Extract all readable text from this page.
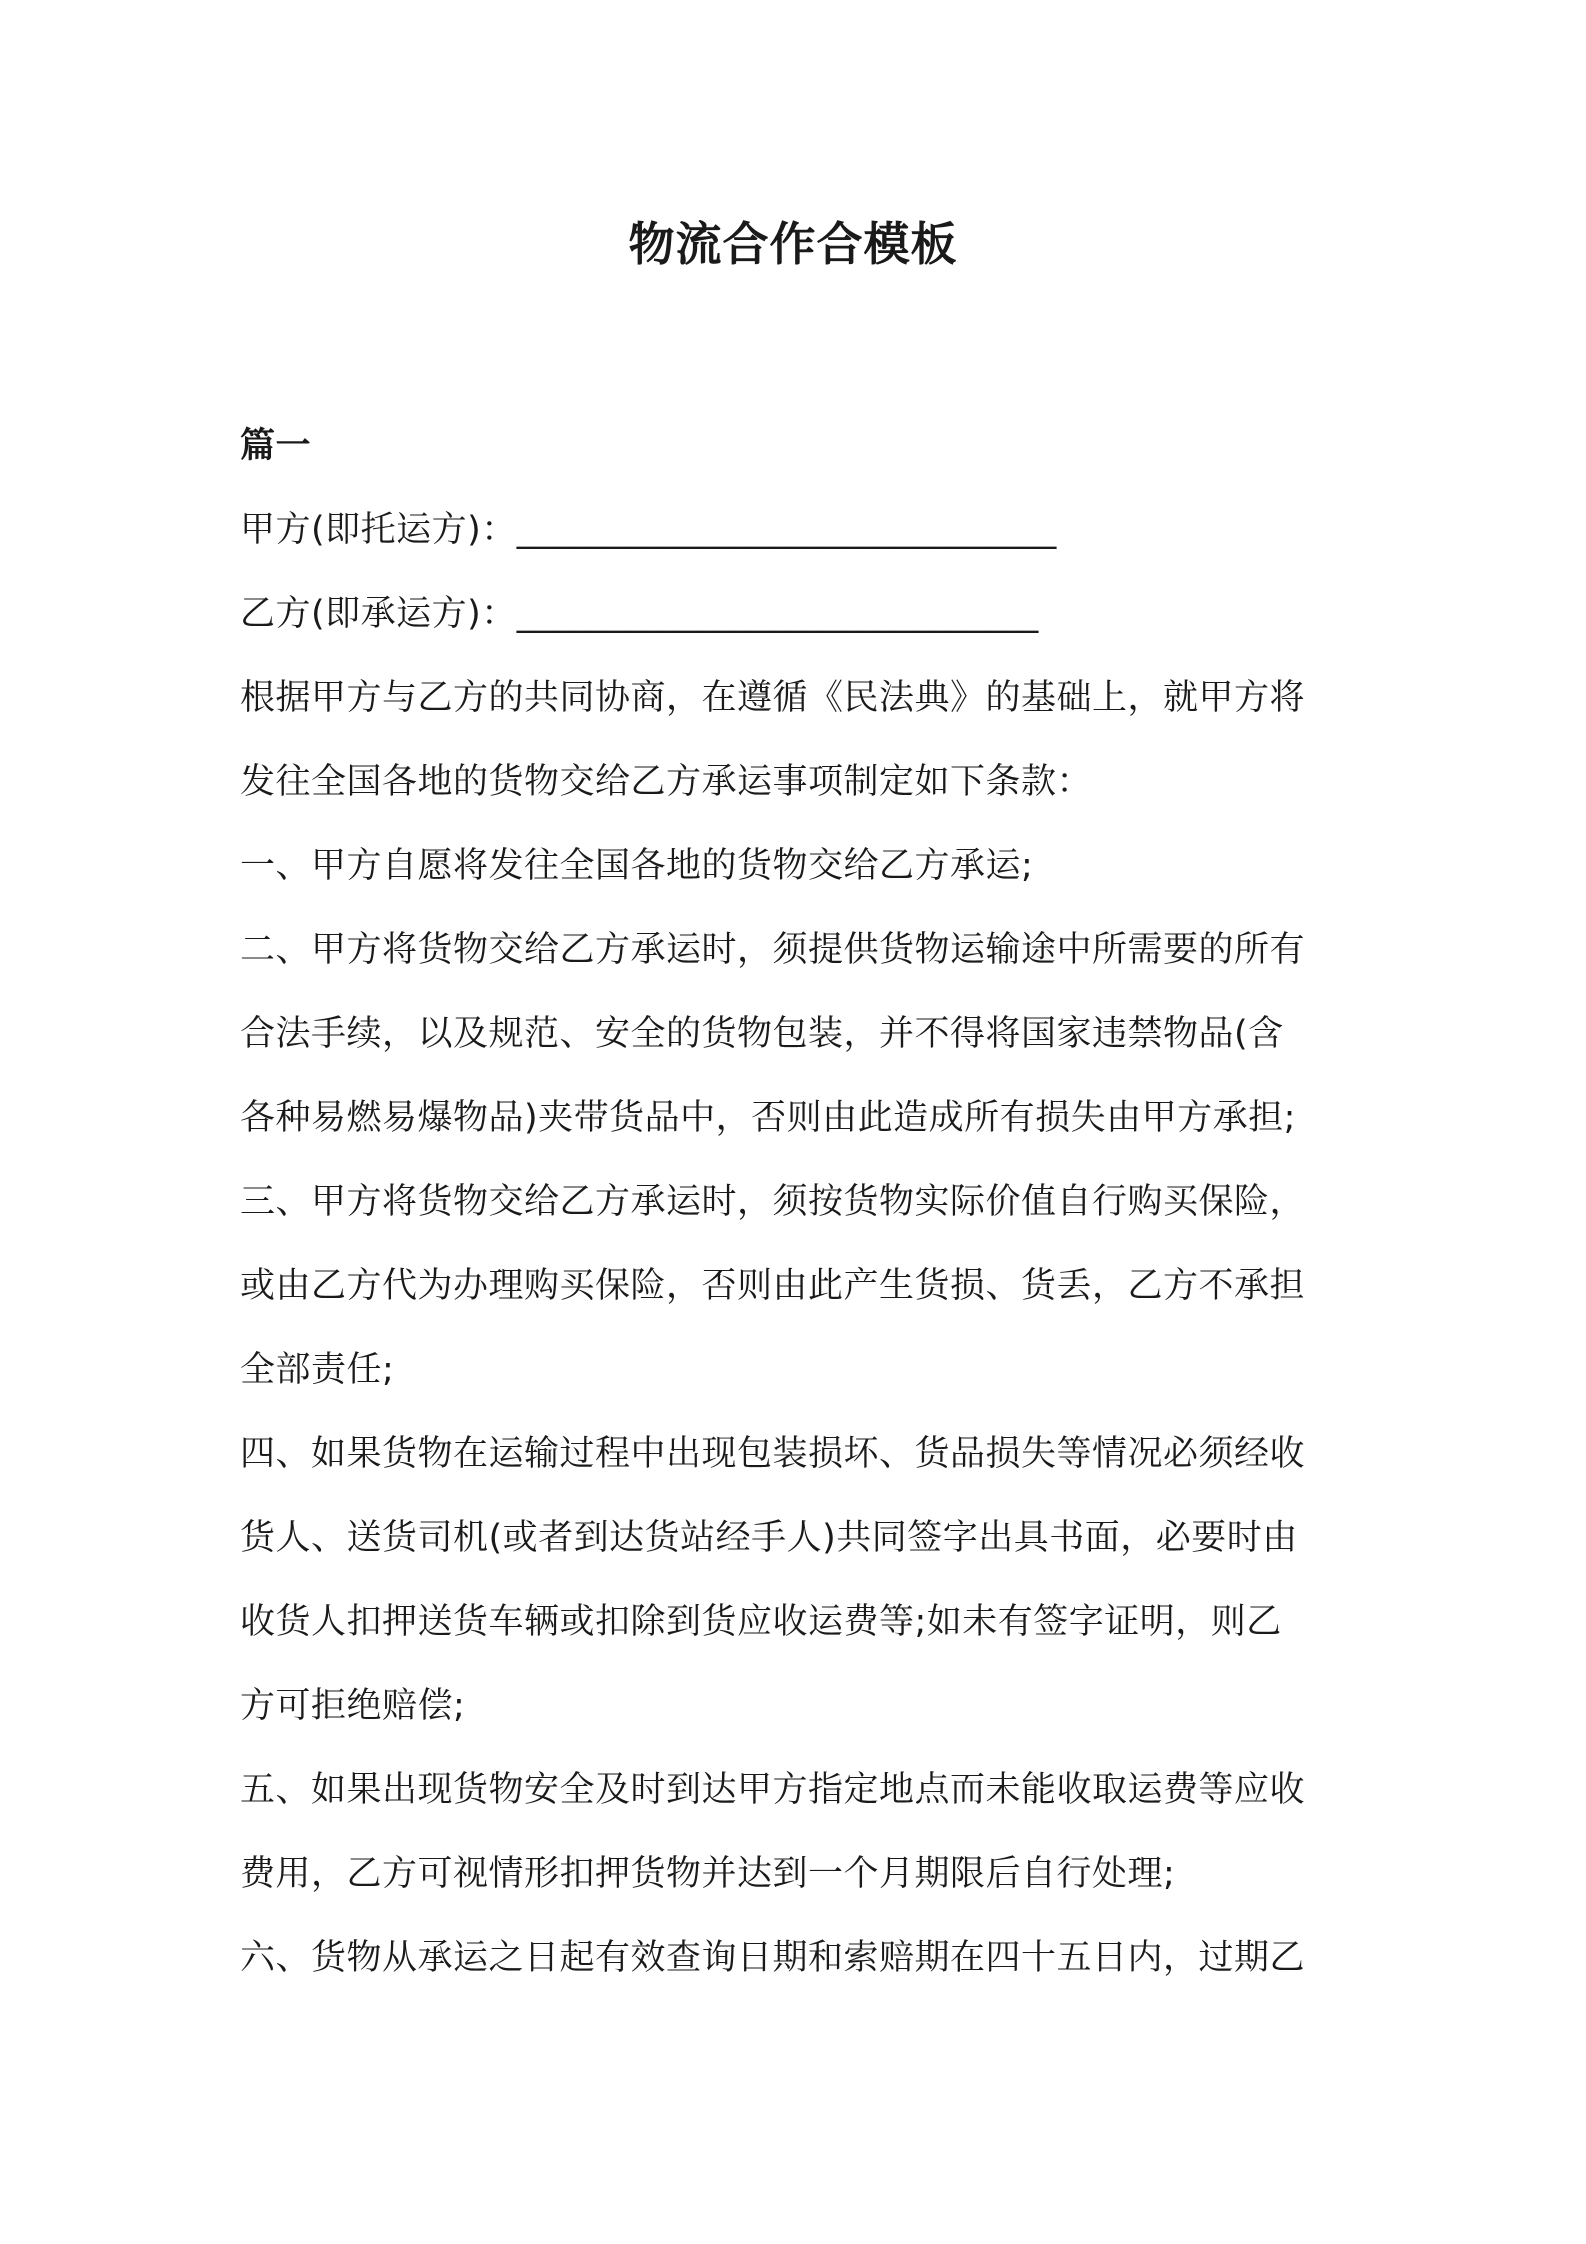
物流合作合模板

篇一

甲方(即托运方)：______________________________

乙方(即承运方)：_____________________________

根据甲方与乙方的共同协商，在遵循《民法典》的基础上，就甲方将

发往全国各地的货物交给乙方承运事项制定如下条款：

一、甲方自愿将发往全国各地的货物交给乙方承运;

二、甲方将货物交给乙方承运时，须提供货物运输途中所需要的所有

合法手续，以及规范、安全的货物包装，并不得将国家违禁物品(含

各种易燃易爆物品)夹带货品中，否则由此造成所有损失由甲方承担;

三、甲方将货物交给乙方承运时，须按货物实际价值自行购买保险，

或由乙方代为办理购买保险，否则由此产生货损、货丢，乙方不承担

全部责任;

四、如果货物在运输过程中出现包装损坏、货品损失等情况必须经收

货人、送货司机(或者到达货站经手人)共同签字出具书面，必要时由

收货人扣押送货车辆或扣除到货应收运费等;如未有签字证明，则乙

方可拒绝赔偿;

五、如果出现货物安全及时到达甲方指定地点而未能收取运费等应收

费用，乙方可视情形扣押货物并达到一个月期限后自行处理;

六、货物从承运之日起有效查询日期和索赔期在四十五日内，过期乙
